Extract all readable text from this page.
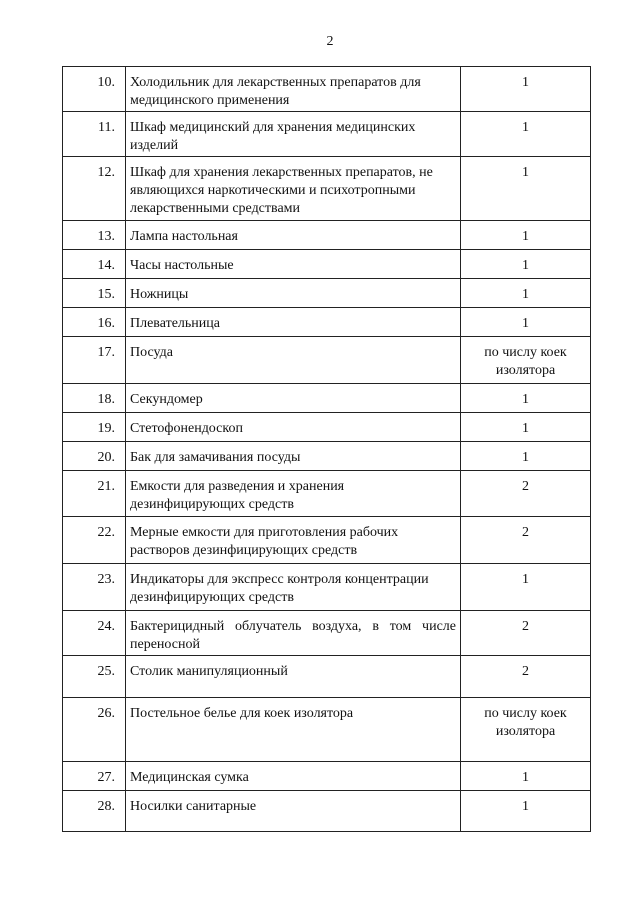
2
10.	Холодильник для лекарственных препаратов для медицинского применения	1
11.	Шкаф медицинский для хранения медицинских изделий	1
12.	Шкаф для хранения лекарственных препаратов, не являющихся наркотическими и психотропными лекарственными средствами	1
13.	Лампа настольная	1
14.	Часы настольные	1
15.	Ножницы	1
16.	Плевательница	1
17.	Посуда	по числу коек изолятора
18.	Секундомер	1
19.	Стетофонендоскоп	1
20.	Бак для замачивания посуды	1
21.	Емкости для разведения и хранения дезинфицирующих средств	2
22.	Мерные емкости для приготовления рабочих растворов дезинфицирующих средств	2
23.	Индикаторы для экспресс контроля концентрации дезинфицирующих средств	1
24.	Бактерицидный облучатель воздуха, в том числе переносной	2
25.	Столик манипуляционный	2
26.	Постельное белье для коек изолятора	по числу коек изолятора
27.	Медицинская сумка	1
28.	Носилки санитарные	1
